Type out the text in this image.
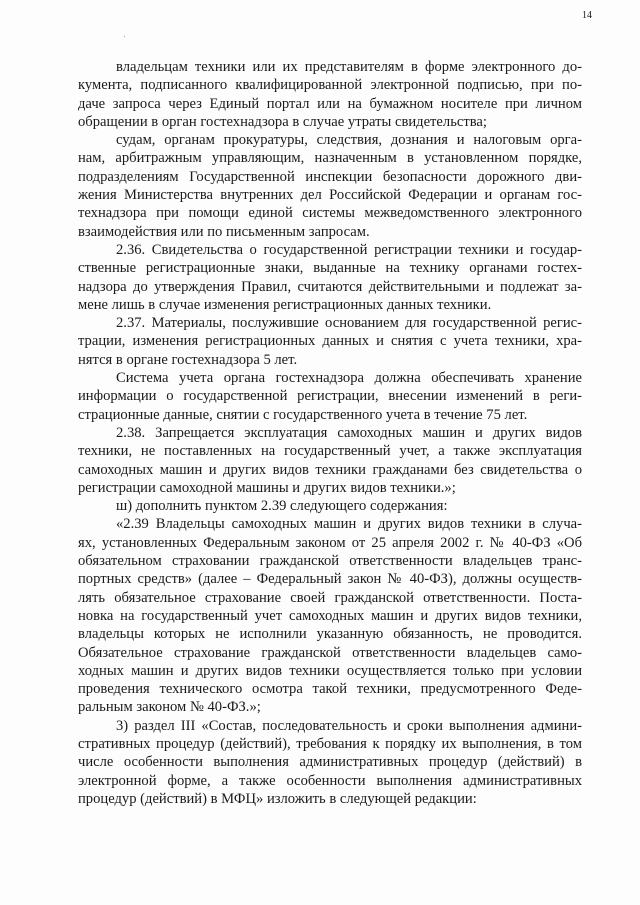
14
владельцам техники или их представителям в форме электронного до-
кумента, подписанного квалифицированной электронной подписью, при по-
даче запроса через Единый портал или на бумажном носителе при личном
обращении в орган гостехнадзора в случае утраты свидетельства;
судам, органам прокуратуры, следствия, дознания и налоговым орга-
нам, арбитражным управляющим, назначенным в установленном порядке,
подразделениям Государственной инспекции безопасности дорожного дви-
жения Министерства внутренних дел Российской Федерации и органам гос-
технадзора при помощи единой системы межведомственного электронного
взаимодействия или по письменным запросам.
2.36. Свидетельства о государственной регистрации техники и государ-
ственные регистрационные знаки, выданные на технику органами гостех-
надзора до утверждения Правил, считаются действительными и подлежат за-
мене лишь в случае изменения регистрационных данных техники.
2.37. Материалы, послужившие основанием для государственной регис-
трации, изменения регистрационных данных и снятия с учета техники, хра-
нятся в органе гостехнадзора 5 лет.
Система учета органа гостехнадзора должна обеспечивать хранение
информации о государственной регистрации, внесении изменений в реги-
страционные данные, снятии с государственного учета в течение 75 лет.
2.38. Запрещается эксплуатация самоходных машин и других видов
техники, не поставленных на государственный учет, а также эксплуатация
самоходных машин и других видов техники гражданами без свидетельства о
регистрации самоходной машины и других видов техники.»;
ш) дополнить пунктом 2.39 следующего содержания:
«2.39 Владельцы самоходных машин и других видов техники в случа-
ях, установленных Федеральным законом от 25 апреля 2002 г. № 40-ФЗ «Об
обязательном страховании гражданской ответственности владельцев транс-
портных средств» (далее – Федеральный закон № 40-ФЗ), должны осуществ-
лять обязательное страхование своей гражданской ответственности. Поста-
новка на государственный учет самоходных машин и других видов техники,
владельцы которых не исполнили указанную обязанность, не проводится.
Обязательное страхование гражданской ответственности владельцев само-
ходных машин и других видов техники осуществляется только при условии
проведения технического осмотра такой техники, предусмотренного Феде-
ральным законом № 40-ФЗ.»;
3) раздел III «Состав, последовательность и сроки выполнения админи-
стративных процедур (действий), требования к порядку их выполнения, в том
числе особенности выполнения административных процедур (действий) в
электронной форме, а также особенности выполнения административных
процедур (действий) в МФЦ» изложить в следующей редакции:
